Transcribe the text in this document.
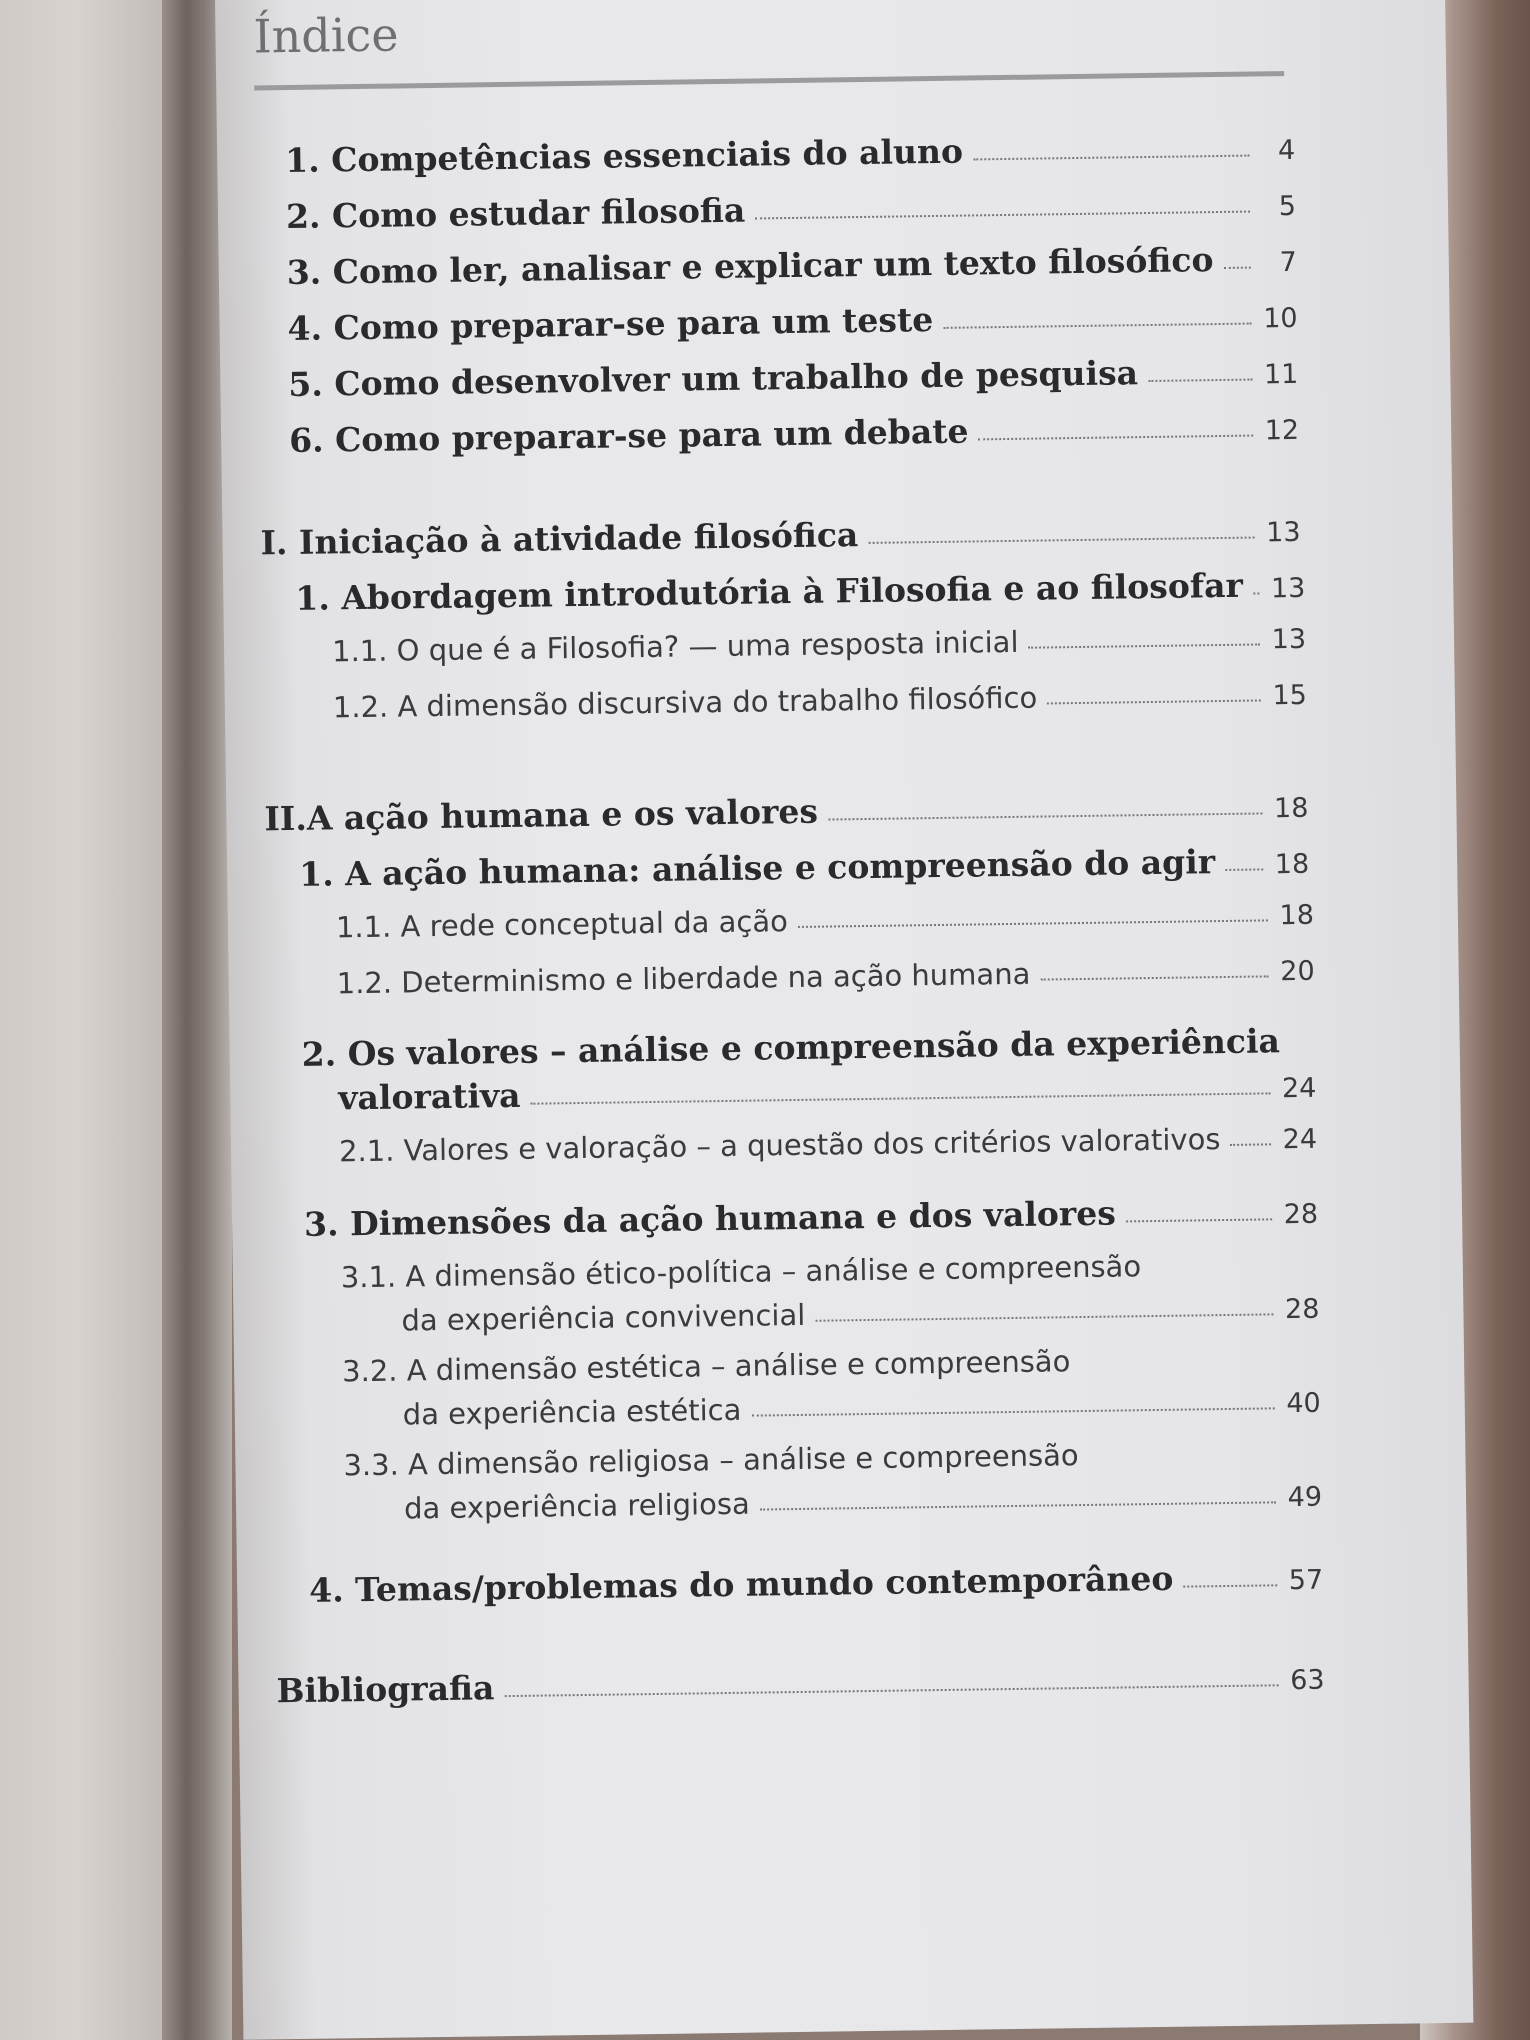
Índice
1. Competências essenciais do aluno	4
2. Como estudar filosofia	5
3. Como ler, analisar e explicar um texto filosófico	7
4. Como preparar-se para um teste	10
5. Como desenvolver um trabalho de pesquisa	11
6. Como preparar-se para um debate	12
I. Iniciação à atividade filosófica	13
1. Abordagem introdutória à Filosofia e ao filosofar 13
1.1. O que é a Filosofia? — uma resposta inicial	13
1.2. A dimensão discursiva do trabalho filosófico	15
II.A ação humana e os valores	18
1. A ação humana: análise e compreensão do agir 18
1.1. A rede conceptual da ação	18
1.2. Determinismo e liberdade na ação humana	20
2. Os valores – análise e compreensão da experiência
valorativa	24
2.1. Valores e valoração – a questão dos critérios valorativos 24
3. Dimensões da ação humana e dos valores	28
3.1. A dimensão ético-política – análise e compreensão
da experiência convivencial	28
3.2. A dimensão estética – análise e compreensão
da experiência estética	40
3.3. A dimensão religiosa – análise e compreensão
da experiência religiosa	49
4. Temas/problemas do mundo contemporâneo	57
Bibliografia	63
